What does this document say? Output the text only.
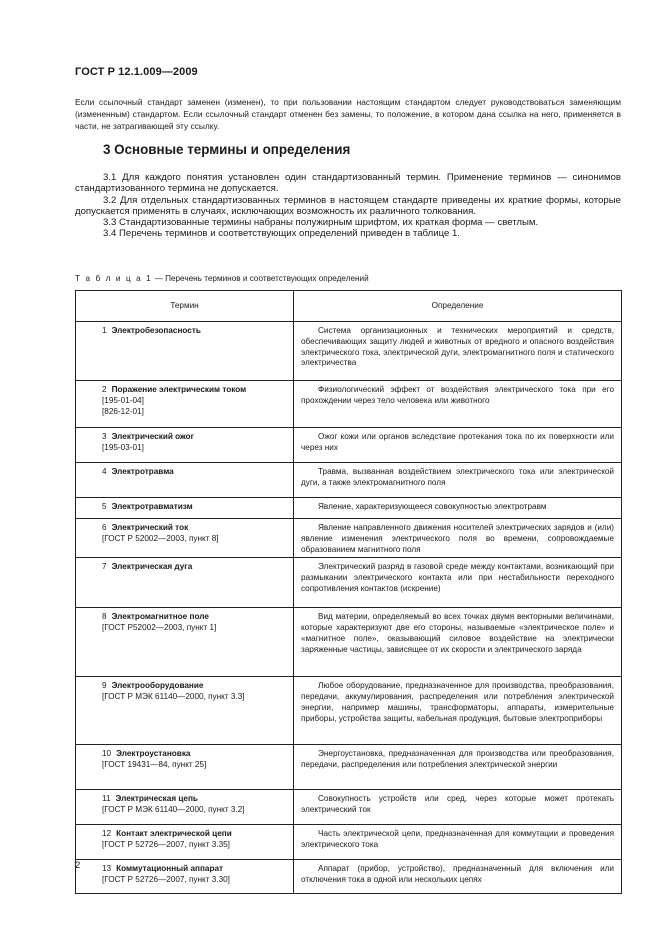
ГОСТ Р 12.1.009—2009

Если ссылочный стандарт заменен (изменен), то при пользовании настоящим стандартом следует руководствоваться заменяющим (измененным) стандартом. Если ссылочный стандарт отменен без замены, то положение, в котором дана ссылка на него, применяется в части, не затрагивающей эту ссылку.

3 Основные термины и определения

3.1 Для каждого понятия установлен один стандартизованный термин. Применение терминов — синонимов стандартизованного термина не допускается.

3.2 Для отдельных стандартизованных терминов в настоящем стандарте приведены их краткие формы, которые допускается применять в случаях, исключающих возможность их различного толкования.

3.3 Стандартизованные термины набраны полужирным шрифтом, их краткая форма — светлым.

3.4 Перечень терминов и соответствующих определений приведен в таблице 1.

Т а б л и ц а 1 — Перечень терминов и соответствующих определений
Термин	Определение

1 Электробезопасность	Система организационных и технических мероприятий и средств, обеспечивающих защиту людей и животных от вредного и опасного воздействия электрического тока, электрической дуги, электромагнитного поля и статического электричества

2 Поражение электрическим током
[195-01-04]
[826-12-01]	Физиологический эффект от воздействия электрического тока при его прохождении через тело человека или животного

3 Электрический ожог
[195-03-01]	Ожог кожи или органов вследствие протекания тока по их поверхности или через них

4 Электротравма	Травма, вызванная воздействием электрического тока или электрической дуги, а также электромагнитного поля

5 Электротравматизм	Явление, характеризующееся совокупностью электротравм

6 Электрический ток
[ГОСТ Р 52002—2003, пункт 8]	Явление направленного движения носителей электрических зарядов и (или) явление изменения электрического поля во времени, сопровождаемые образованием магнитного поля

7 Электрическая дуга	Электрический разряд в газовой среде между контактами, возникающий при размыкании электрического контакта или при нестабильности переходного сопротивления контактов (искрение)

8 Электромагнитное поле
[ГОСТ Р52002—2003, пункт 1]	Вид материи, определяемый во всех точках двумя векторными величинами, которые характеризуют две его стороны, называемые «электрическое поле» и «магнитное поле», оказывающий силовое воздействие на электрически заряженные частицы, зависящее от их скорости и электрического заряда

9 Электрооборудование
[ГОСТ Р МЭК 61140—2000, пункт 3.3]	Любое оборудование, предназначенное для производства, преобразования, передачи, аккумулирования, распределения или потребления электрической энергии, например машины, трансформаторы, аппараты, измерительные приборы, устройства защиты, кабельная продукция, бытовые электроприборы

10 Электроустановка
[ГОСТ 19431—84, пункт 25]	Энергоустановка, предназначенная для производства или преобразования, передачи, распределения или потребления электрической энергии

11 Электрическая цепь
[ГОСТ Р МЭК 61140—2000, пункт 3.2]	Совокупность устройств или сред, через которые может протекать электрический ток

12 Контакт электрической цепи
[ГОСТ Р 52726—2007, пункт 3.35]	Часть электрической цепи, предназначенная для коммутации и проведения электрического тока

13 Коммутационный аппарат
[ГОСТ Р 52726—2007, пункт 3.30]	Аппарат (прибор, устройство), предназначенный для включения или отключения тока в одной или нескольких цепях
2
